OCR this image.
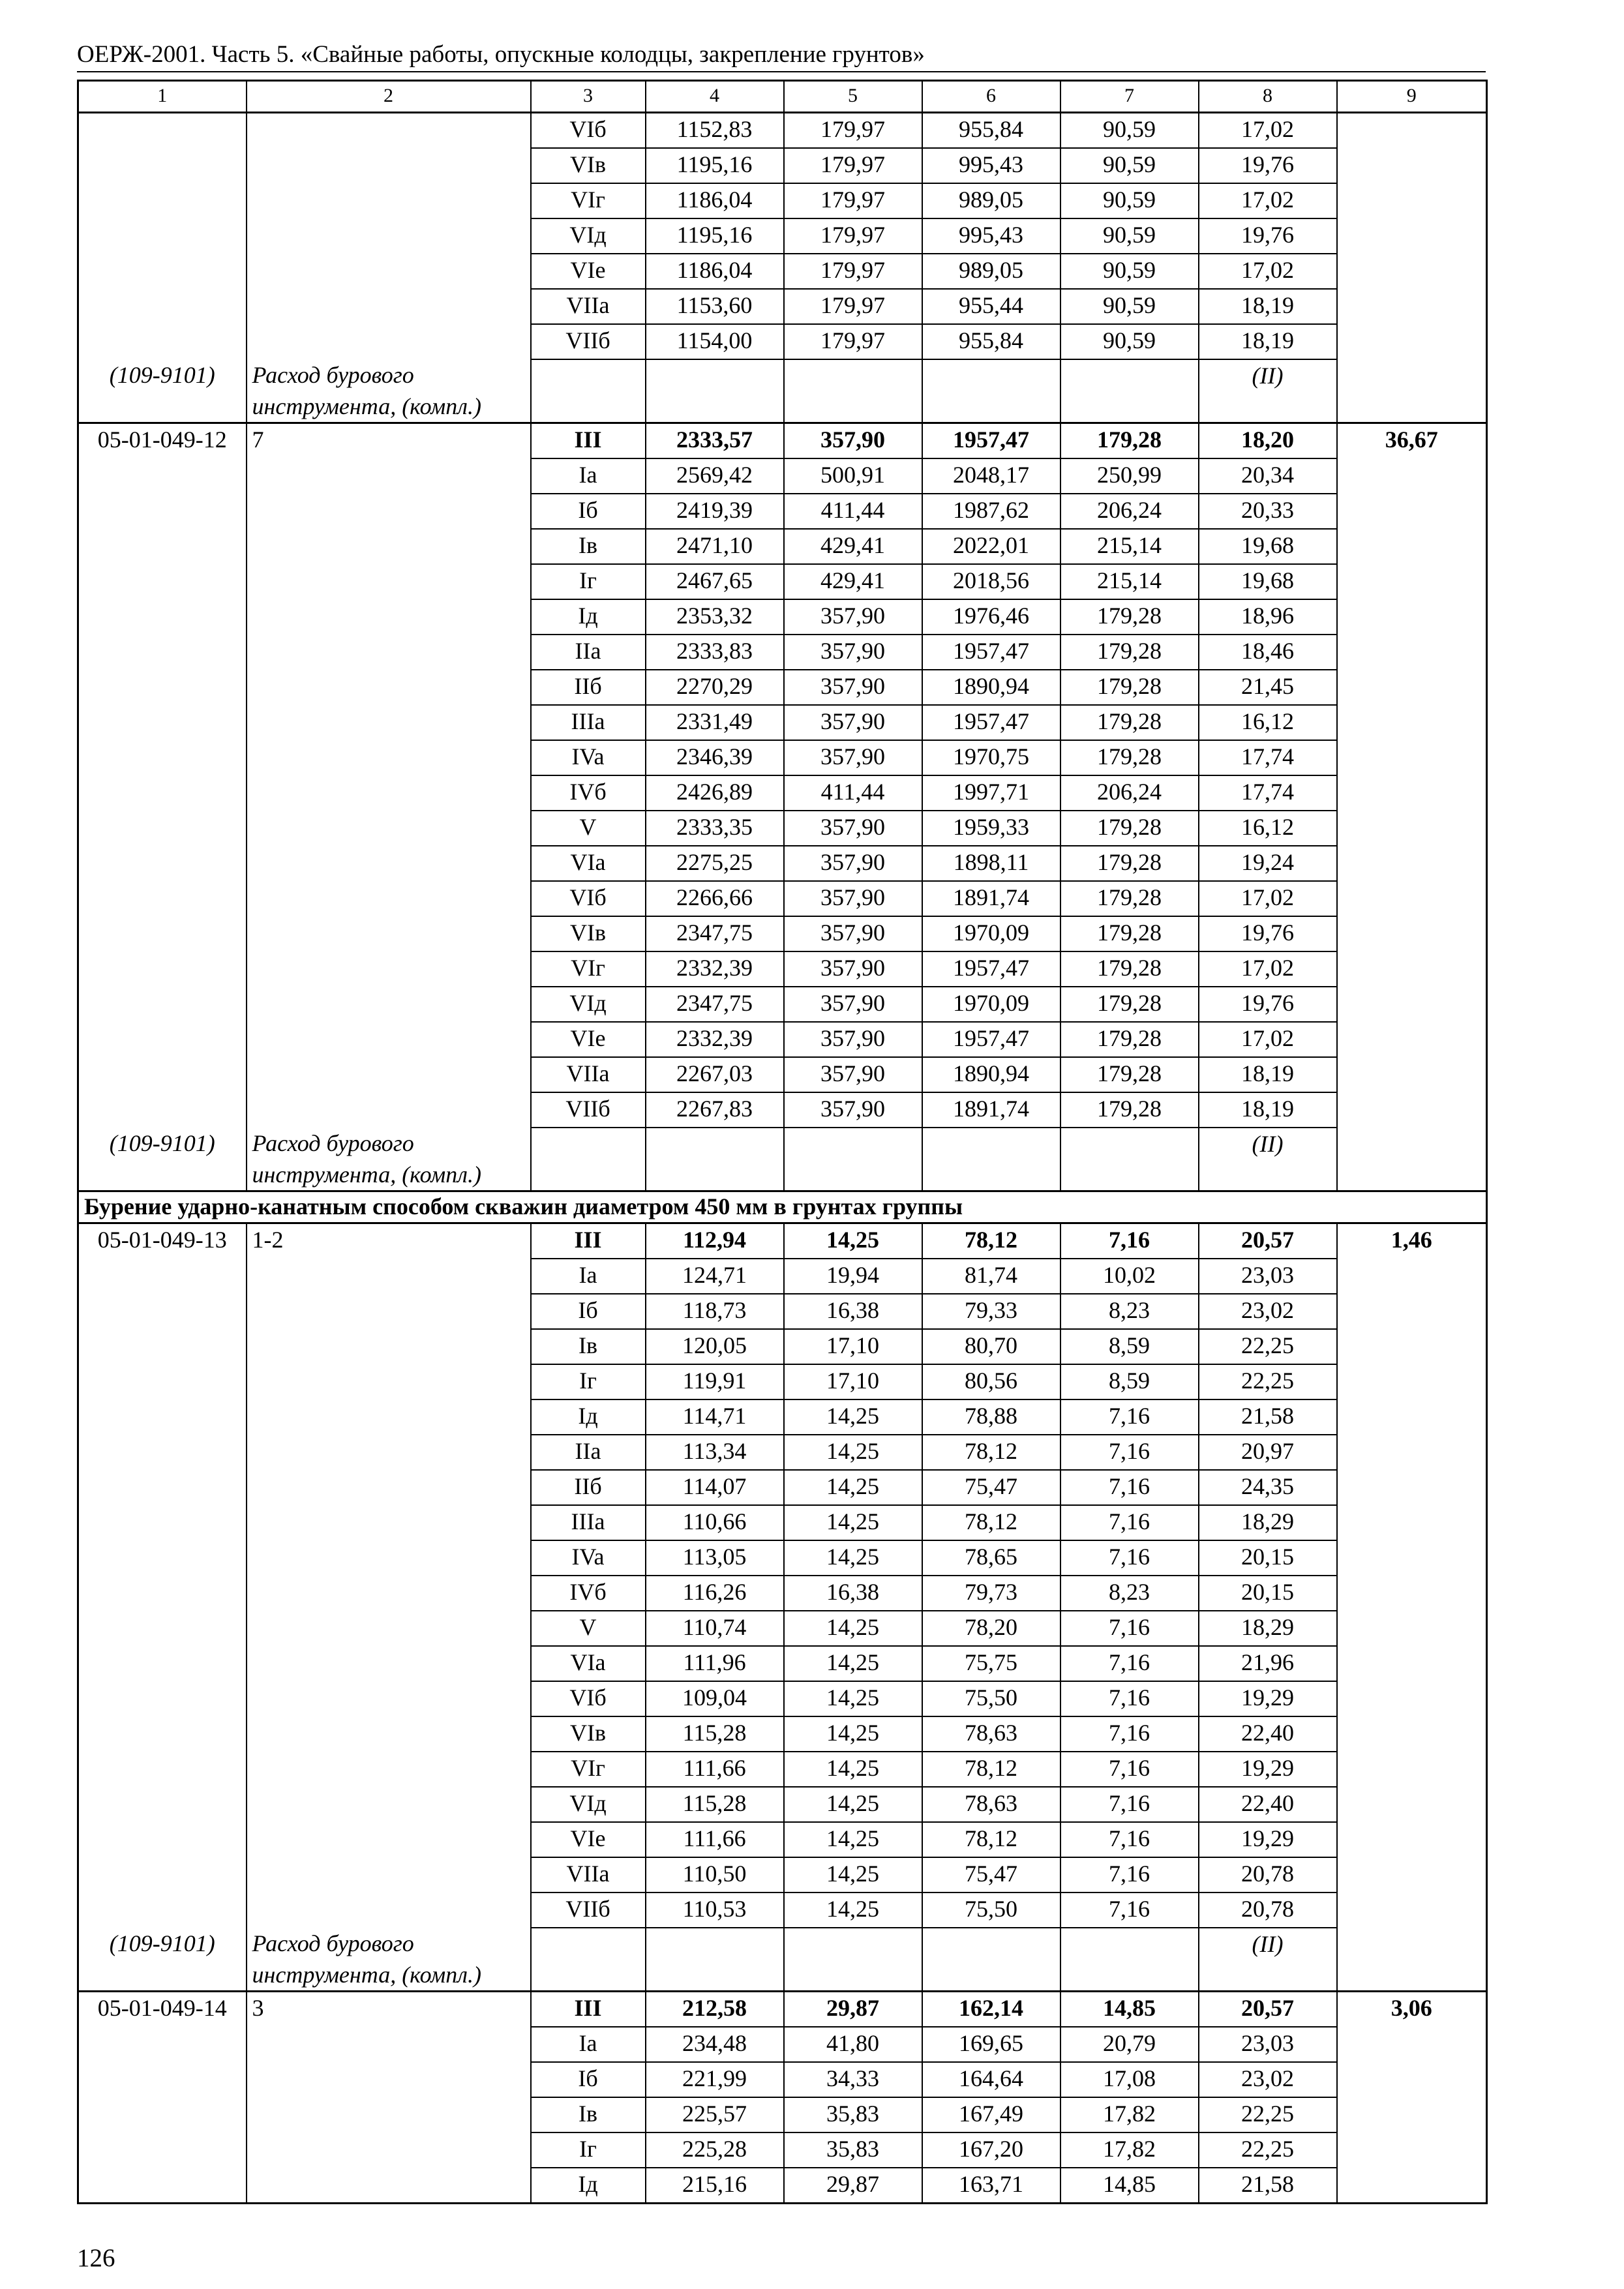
ОЕРЖ-2001. Часть 5. «Свайные работы, опускные колодцы, закрепление грунтов»
1	2	3	4	5	6	7	8	9
		VIб	1152,83	179,97	955,84	90,59	17,02	
		VIв	1195,16	179,97	995,43	90,59	19,76	
		VIг	1186,04	179,97	989,05	90,59	17,02	
		VIд	1195,16	179,97	995,43	90,59	19,76	
		VIe	1186,04	179,97	989,05	90,59	17,02	
		VIIa	1153,60	179,97	955,44	90,59	18,19	
		VIIб	1154,00	179,97	955,84	90,59	18,19	
(109-9101)	Расход бурового инструмента, (компл.)						(II)	
05-01-049-12	7	III	2333,57	357,90	1957,47	179,28	18,20	36,67
		Ia	2569,42	500,91	2048,17	250,99	20,34	
		Iб	2419,39	411,44	1987,62	206,24	20,33	
		Iв	2471,10	429,41	2022,01	215,14	19,68	
		Iг	2467,65	429,41	2018,56	215,14	19,68	
		Iд	2353,32	357,90	1976,46	179,28	18,96	
		IIa	2333,83	357,90	1957,47	179,28	18,46	
		IIб	2270,29	357,90	1890,94	179,28	21,45	
		IIIa	2331,49	357,90	1957,47	179,28	16,12	
		IVa	2346,39	357,90	1970,75	179,28	17,74	
		IVб	2426,89	411,44	1997,71	206,24	17,74	
		V	2333,35	357,90	1959,33	179,28	16,12	
		VIa	2275,25	357,90	1898,11	179,28	19,24	
		VIб	2266,66	357,90	1891,74	179,28	17,02	
		VIв	2347,75	357,90	1970,09	179,28	19,76	
		VIг	2332,39	357,90	1957,47	179,28	17,02	
		VIд	2347,75	357,90	1970,09	179,28	19,76	
		VIe	2332,39	357,90	1957,47	179,28	17,02	
		VIIa	2267,03	357,90	1890,94	179,28	18,19	
		VIIб	2267,83	357,90	1891,74	179,28	18,19	
(109-9101)	Расход бурового инструмента, (компл.)						(II)	
Бурение ударно-канатным способом скважин диаметром 450 мм в грунтах группы								
05-01-049-13	1-2	III	112,94	14,25	78,12	7,16	20,57	1,46
		Ia	124,71	19,94	81,74	10,02	23,03	
		Iб	118,73	16,38	79,33	8,23	23,02	
		Iв	120,05	17,10	80,70	8,59	22,25	
		Iг	119,91	17,10	80,56	8,59	22,25	
		Iд	114,71	14,25	78,88	7,16	21,58	
		IIa	113,34	14,25	78,12	7,16	20,97	
		IIб	114,07	14,25	75,47	7,16	24,35	
		IIIa	110,66	14,25	78,12	7,16	18,29	
		IVa	113,05	14,25	78,65	7,16	20,15	
		IVб	116,26	16,38	79,73	8,23	20,15	
		V	110,74	14,25	78,20	7,16	18,29	
		VIa	111,96	14,25	75,75	7,16	21,96	
		VIб	109,04	14,25	75,50	7,16	19,29	
		VIв	115,28	14,25	78,63	7,16	22,40	
		VIг	111,66	14,25	78,12	7,16	19,29	
		VIд	115,28	14,25	78,63	7,16	22,40	
		VIe	111,66	14,25	78,12	7,16	19,29	
		VIIa	110,50	14,25	75,47	7,16	20,78	
		VIIб	110,53	14,25	75,50	7,16	20,78	
(109-9101)	Расход бурового инструмента, (компл.)						(II)	
05-01-049-14	3	III	212,58	29,87	162,14	14,85	20,57	3,06
		Ia	234,48	41,80	169,65	20,79	23,03	
		Iб	221,99	34,33	164,64	17,08	23,02	
		Iв	225,57	35,83	167,49	17,82	22,25	
		Iг	225,28	35,83	167,20	17,82	22,25	
		Iд	215,16	29,87	163,71	14,85	21,58	
126
